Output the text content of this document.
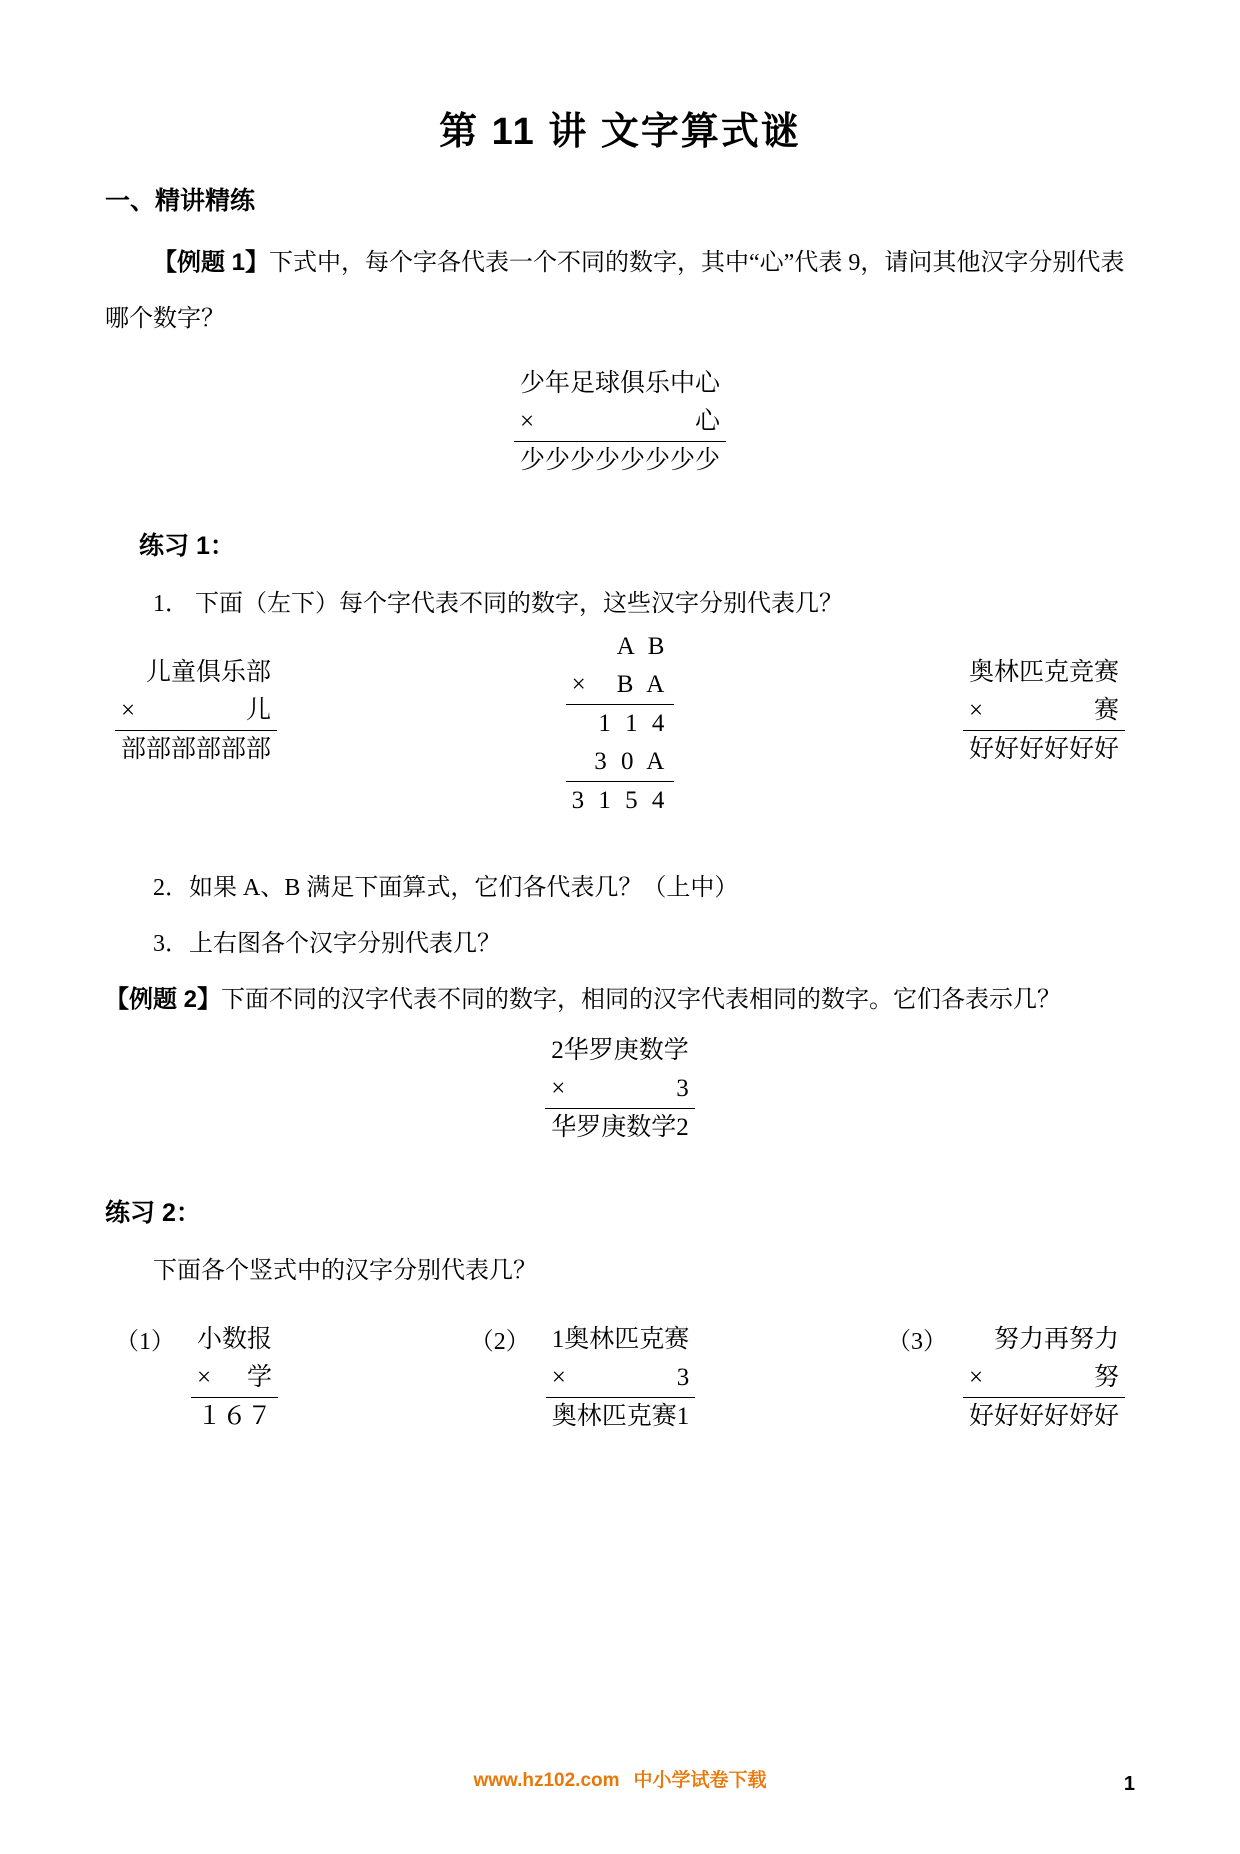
第 11 讲 文字算式谜
一、精讲精练

【例题 1】下式中，每个字各代表一个不同的数字，其中“心”代表 9，请问其他汉字分别代表哪个数字？

少年足球俱乐中心
×	心
少少少少少少少少
练习 1：

1． 下面（左下）每个字代表不同的数字，这些汉字分别代表几？

儿童俱乐部
×	儿
部部部部部部
A B
× B A
1 1 4
3 0 A
3 1 5 4
奥林匹克竞赛
×	赛
好好好好好好

2．如果 A、B 满足下面算式，它们各代表几？（上中）

3．上右图各个汉字分别代表几？

【例题 2】下面不同的汉字代表不同的数字，相同的汉字代表相同的数字。它们各表示几？

2华罗庚数学
×	3
华罗庚数学2
练习 2：

下面各个竖式中的汉字分别代表几？

（1） 小数报
× 学
１６７
（2） 1奥林匹克赛
×	3
奥林匹克赛1
（3）	努力再努力
×	努
好好好好妤好
www.hz102.com 中小学试卷下载	1
